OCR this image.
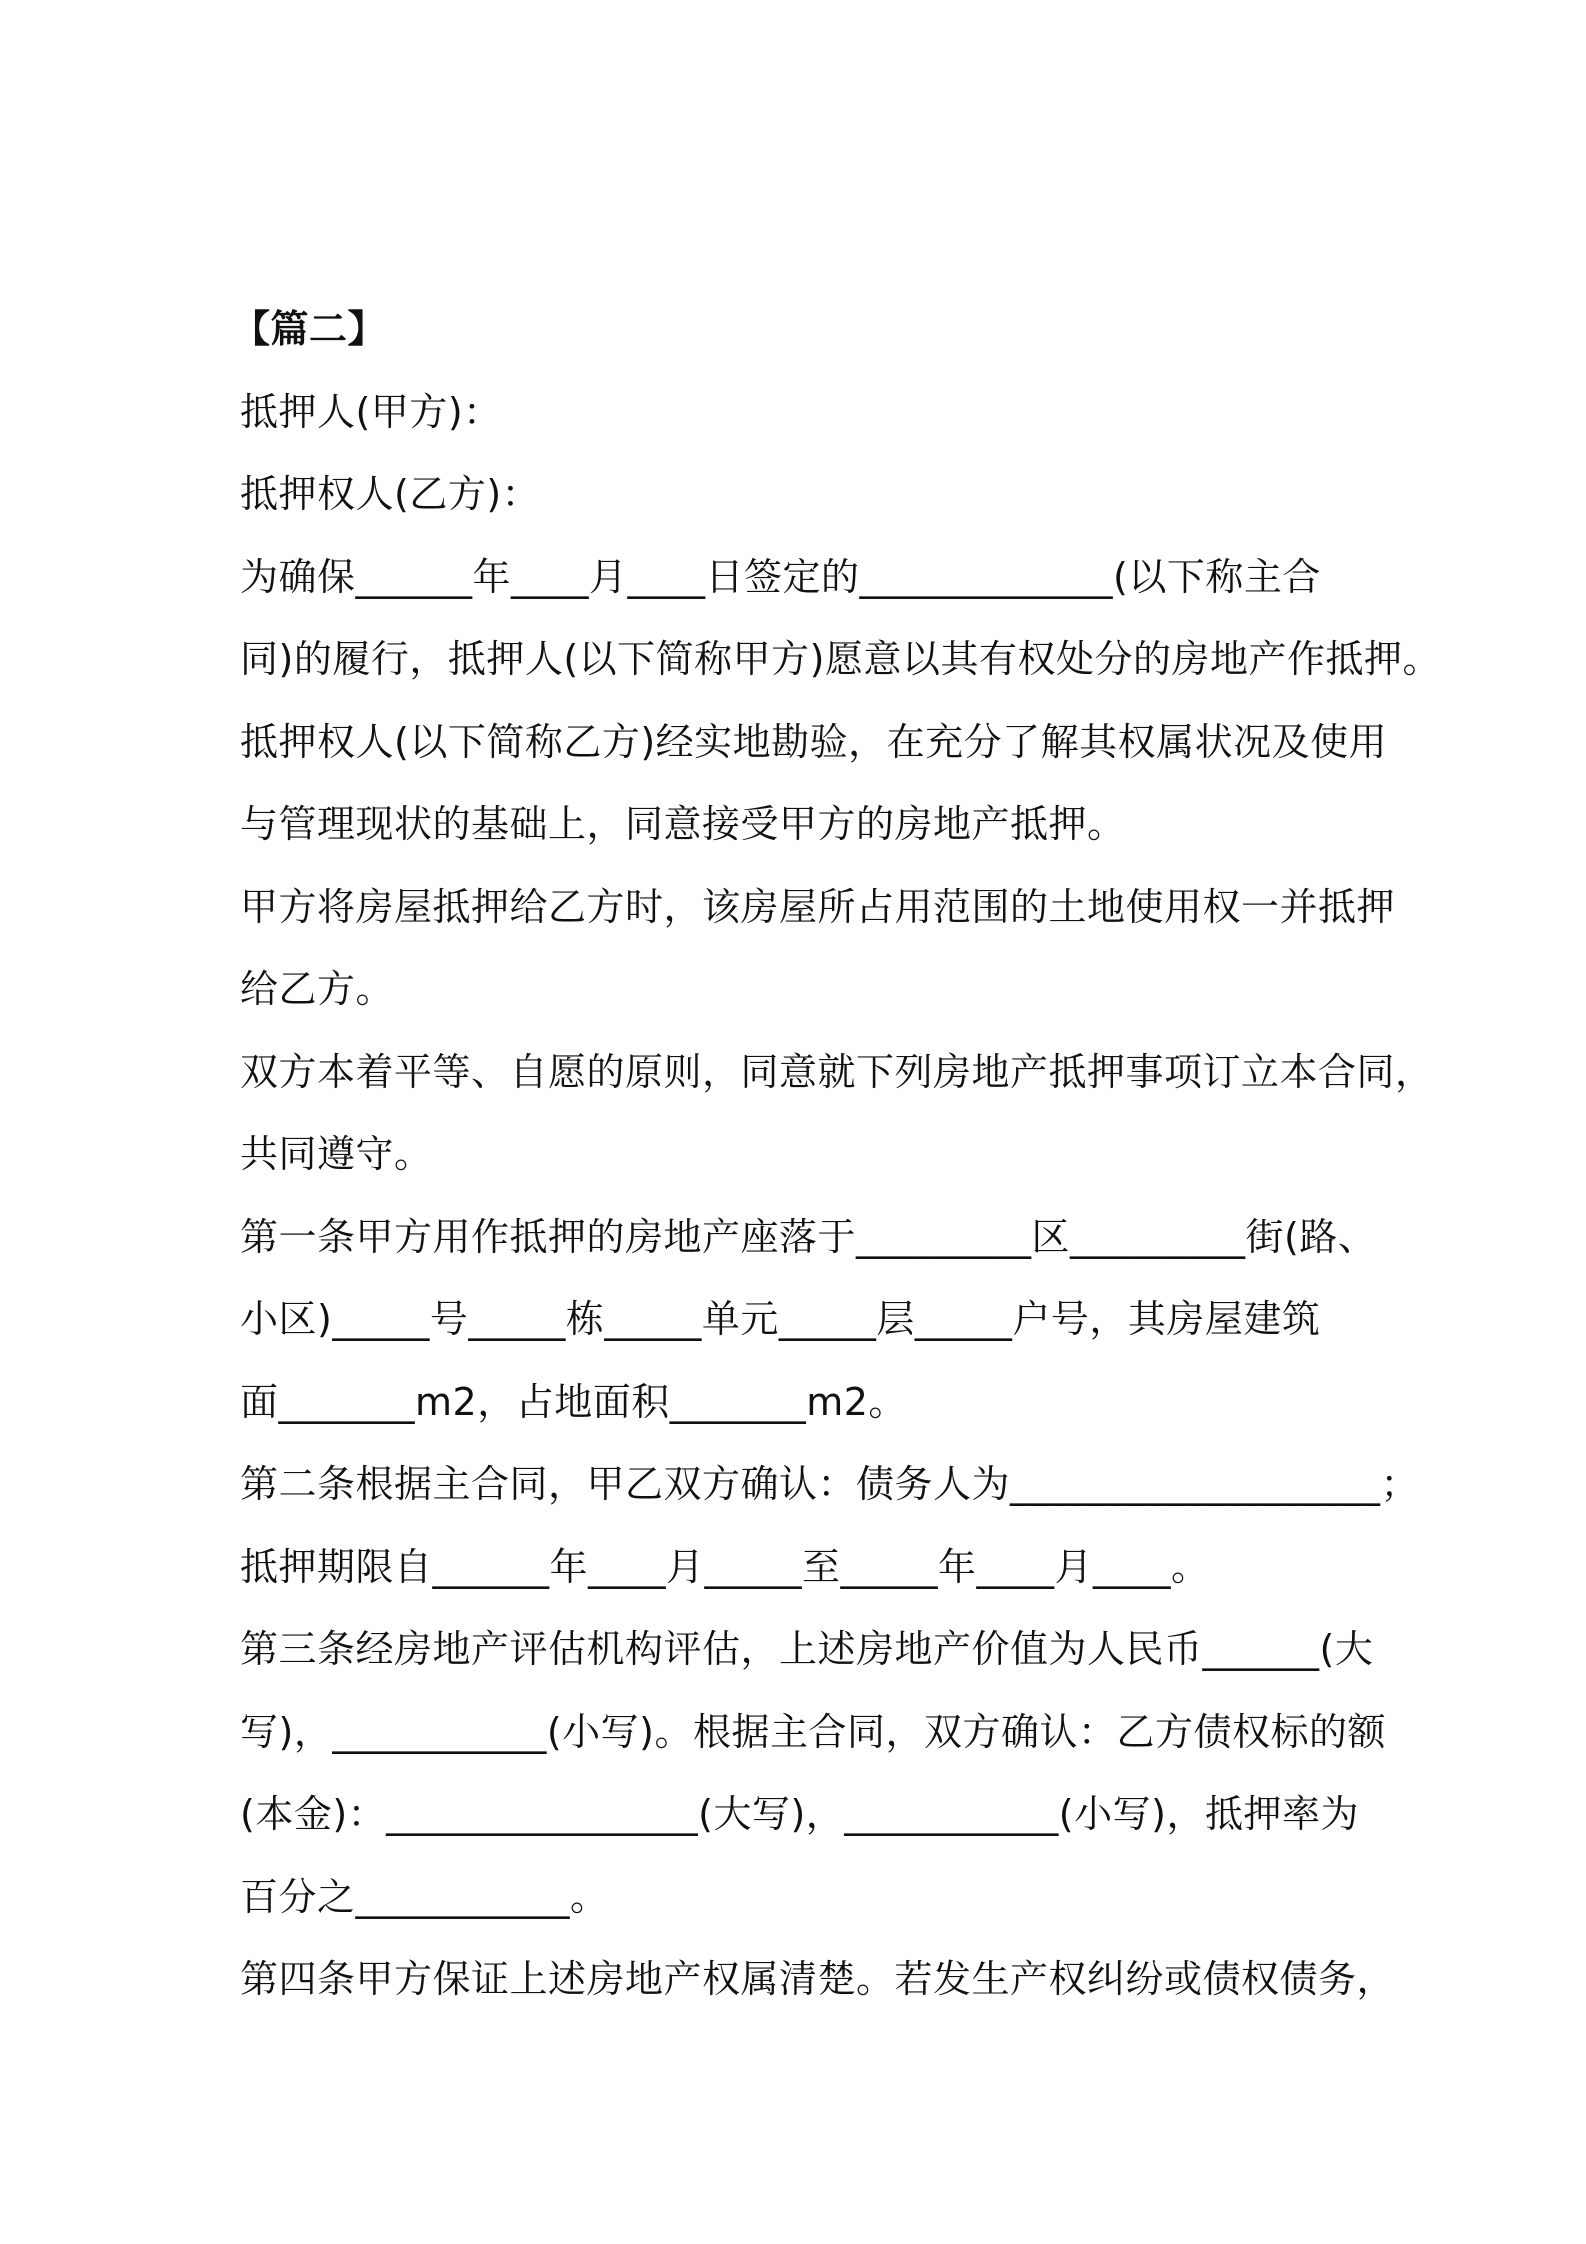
【篇二】
抵押人(甲方)：
抵押权人(乙方)：
为确保______年____月____日签定的_____________(以下称主合
同)的履行，抵押人(以下简称甲方)愿意以其有权处分的房地产作抵押。
抵押权人(以下简称乙方)经实地勘验，在充分了解其权属状况及使用
与管理现状的基础上，同意接受甲方的房地产抵押。
甲方将房屋抵押给乙方时，该房屋所占用范围的土地使用权一并抵押
给乙方。
双方本着平等、自愿的原则，同意就下列房地产抵押事项订立本合同，
共同遵守。
第一条甲方用作抵押的房地产座落于_________区_________街(路、
小区)_____号_____栋_____单元_____层_____户号，其房屋建筑
面_______m2，占地面积_______m2。
第二条根据主合同，甲乙双方确认：债务人为___________________；
抵押期限自______年____月_____至_____年____月____。
第三条经房地产评估机构评估，上述房地产价值为人民币______(大
写)，___________(小写)。根据主合同，双方确认：乙方债权标的额
(本金)：________________(大写)，___________(小写)，抵押率为
百分之___________。
第四条甲方保证上述房地产权属清楚。若发生产权纠纷或债权债务，
